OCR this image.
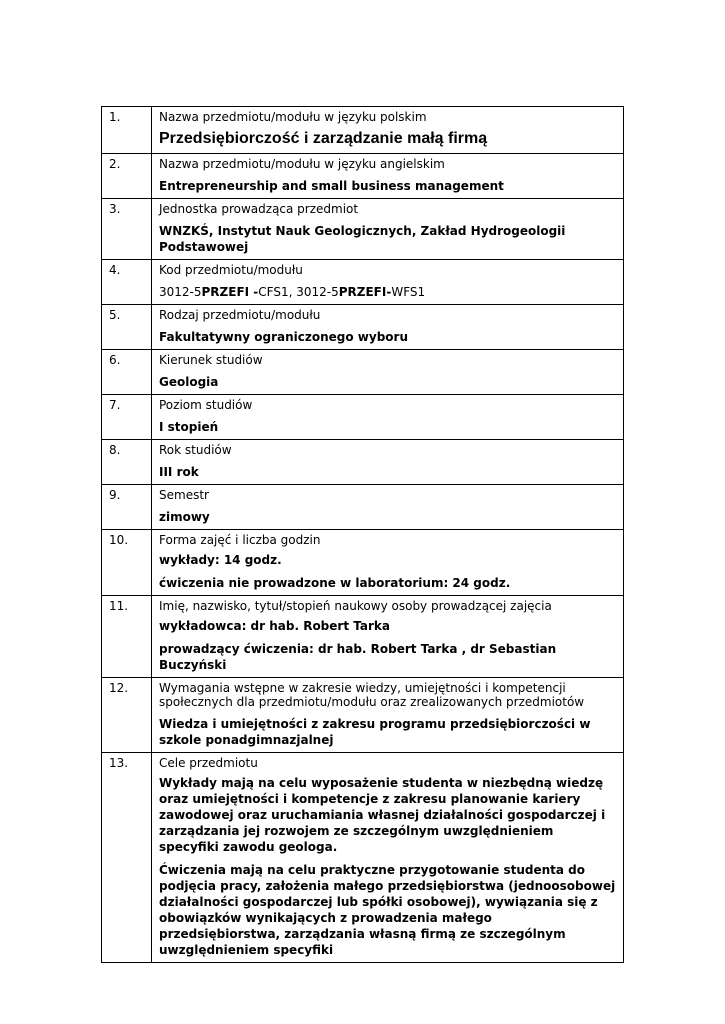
1.	Nazwa przedmiotu/modułu w języku polskim
Przedsiębiorczość i zarządzanie małą firmą

2.	Nazwa przedmiotu/modułu w języku angielskim
Entrepreneurship and small business management

3.	Jednostka prowadząca przedmiot
WNZKŚ, Instytut Nauk Geologicznych, Zakład Hydrogeologii Podstawowej

4.	Kod przedmiotu/modułu
3012-5PRZEFI -CFS1, 3012-5PRZEFI-WFS1

5.	Rodzaj przedmiotu/modułu
Fakultatywny ograniczonego wyboru

6.	Kierunek studiów
Geologia

7.	Poziom studiów
I stopień

8.	Rok studiów
III rok

9.	Semestr
zimowy

10.	Forma zajęć i liczba godzin
wykłady: 14 godz.
ćwiczenia nie prowadzone w laboratorium: 24 godz.

11.	Imię, nazwisko, tytuł/stopień naukowy osoby prowadzącej zajęcia
wykładowca: dr hab. Robert Tarka
prowadzący ćwiczenia: dr hab. Robert Tarka , dr Sebastian Buczyński

12.	Wymagania wstępne w zakresie wiedzy, umiejętności i kompetencji społecznych dla przedmiotu/modułu oraz zrealizowanych przedmiotów
Wiedza i umiejętności z zakresu programu przedsiębiorczości w szkole ponadgimnazjalnej

13.	Cele przedmiotu
Wykłady mają na celu wyposażenie studenta w niezbędną wiedzę oraz umiejętności i kompetencje z zakresu planowanie kariery zawodowej oraz uruchamiania własnej działalności gospodarczej i zarządzania jej rozwojem ze szczególnym uwzględnieniem specyfiki zawodu geologa.
Ćwiczenia mają na celu praktyczne przygotowanie studenta do podjęcia pracy, założenia małego przedsiębiorstwa (jednoosobowej działalności gospodarczej lub spółki osobowej), wywiązania się z obowiązków wynikających z prowadzenia małego przedsiębiorstwa, zarządzania własną firmą ze szczególnym uwzględnieniem specyfiki
